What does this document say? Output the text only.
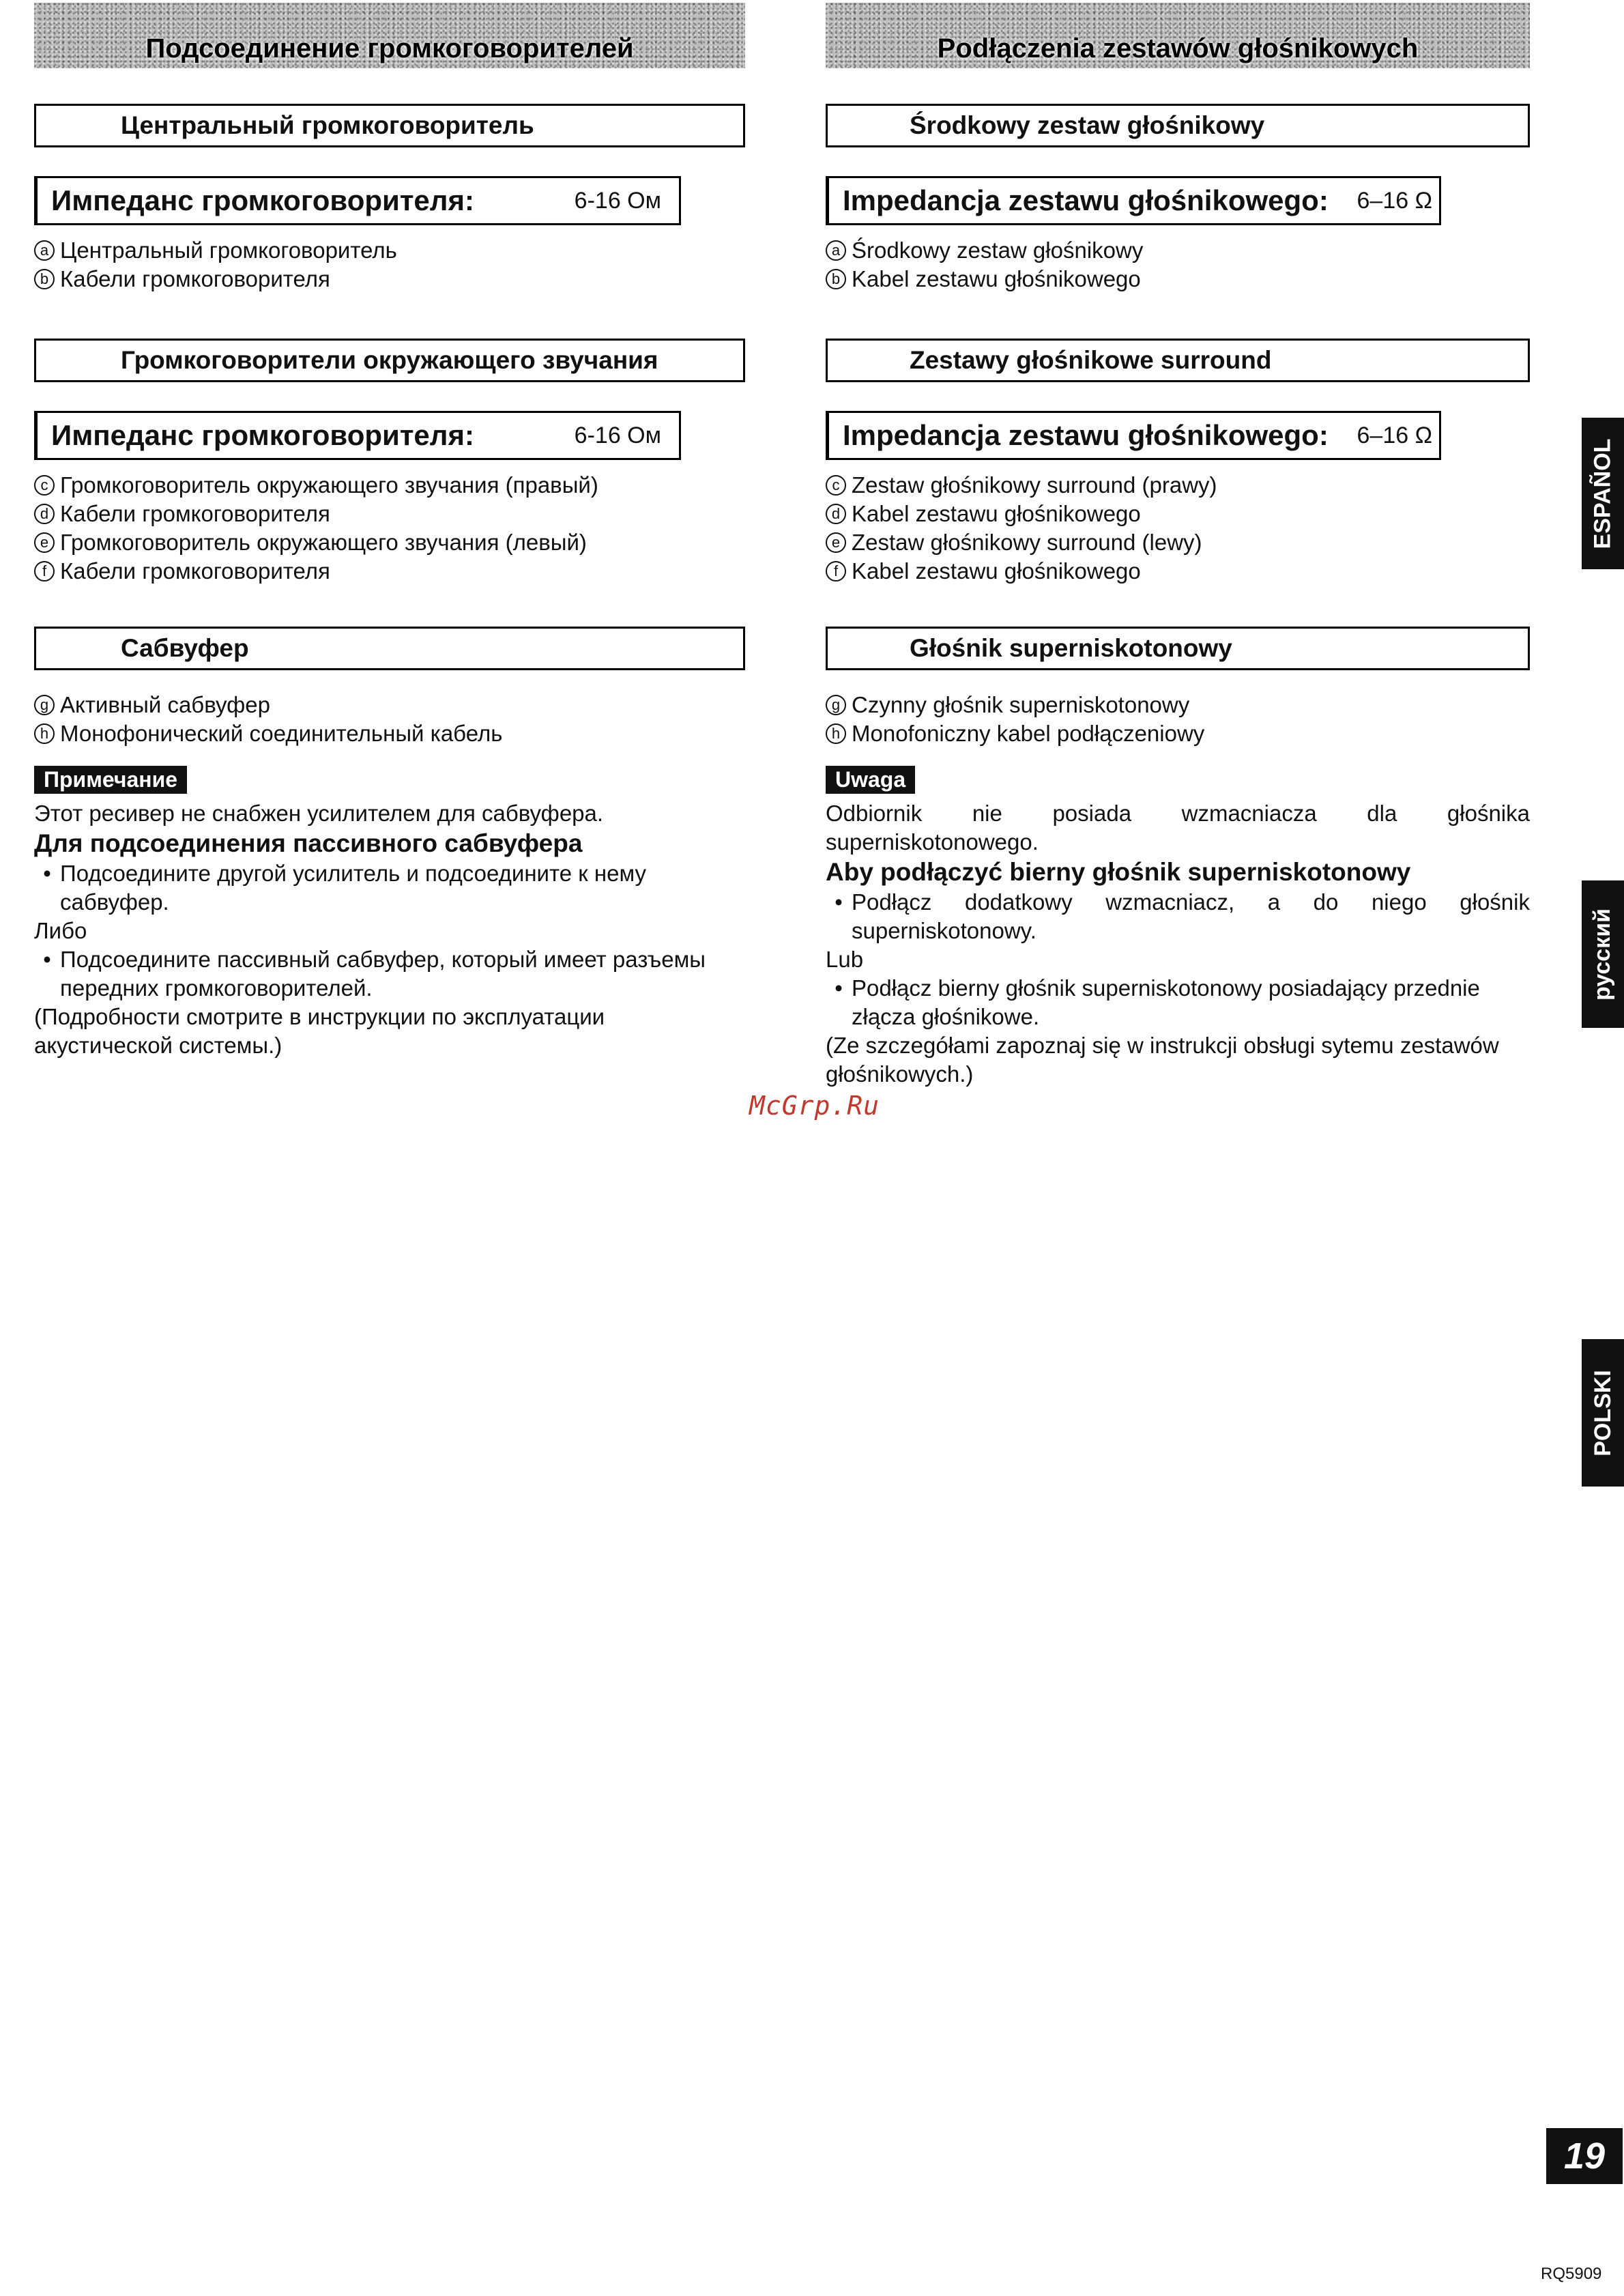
Подсоединение громкоговорителей
Центральный громкоговоритель
Импеданс громкоговорителя:	6-16 Ом
a Центральный громкоговоритель
b Кабели громкоговорителя
Громкоговорители окружающего звучания
Импеданс громкоговорителя:	6-16 Ом
c Громкоговоритель окружающего звучания (правый)
d Кабели громкоговорителя
e Громкоговоритель окружающего звучания (левый)
f Кабели громкоговорителя
Сабвуфер
g Активный сабвуфер
h Монофонический соединительный кабель
Примечание

Этот ресивер не снабжен усилителем для сабвуфера.

Для подсоединения пассивного сабвуфера

• Подсоедините другой усилитель и подсоедините к нему сабвуфер.

Либо

• Подсоедините пассивный сабвуфер, который имеет разъемы передних громкоговорителей.

(Подробности смотрите в инструкции по эксплуатации акустической системы.)

Podłączenia zestawów głośnikowych
Środkowy zestaw głośnikowy
Impedancja zestawu głośnikowego: 6–16 Ω
a Środkowy zestaw głośnikowy
b Kabel zestawu głośnikowego
Zestawy głośnikowe surround
Impedancja zestawu głośnikowego: 6–16 Ω
c Zestaw głośnikowy surround (prawy)
d Kabel zestawu głośnikowego
e Zestaw głośnikowy surround (lewy)
f Kabel zestawu głośnikowego
Głośnik superniskotonowy
g Czynny głośnik superniskotonowy
h Monofoniczny kabel podłączeniowy
Uwaga

Odbiornik nie posiada wzmacniacza dla głośnika

superniskotonowego.

Aby podłączyć bierny głośnik superniskotonowy

• Podłącz dodatkowy wzmacniacz, a do niego głośnik
superniskotonowy.

Lub

• Podłącz bierny głośnik superniskotonowy posiadający przednie złącza głośnikowe.

(Ze szczegółami zapoznaj się w instrukcji obsługi sytemu zestawów głośnikowych.)

McGrp.Ru
ESPAÑOL
русский
POLSKI
19
RQ5909
